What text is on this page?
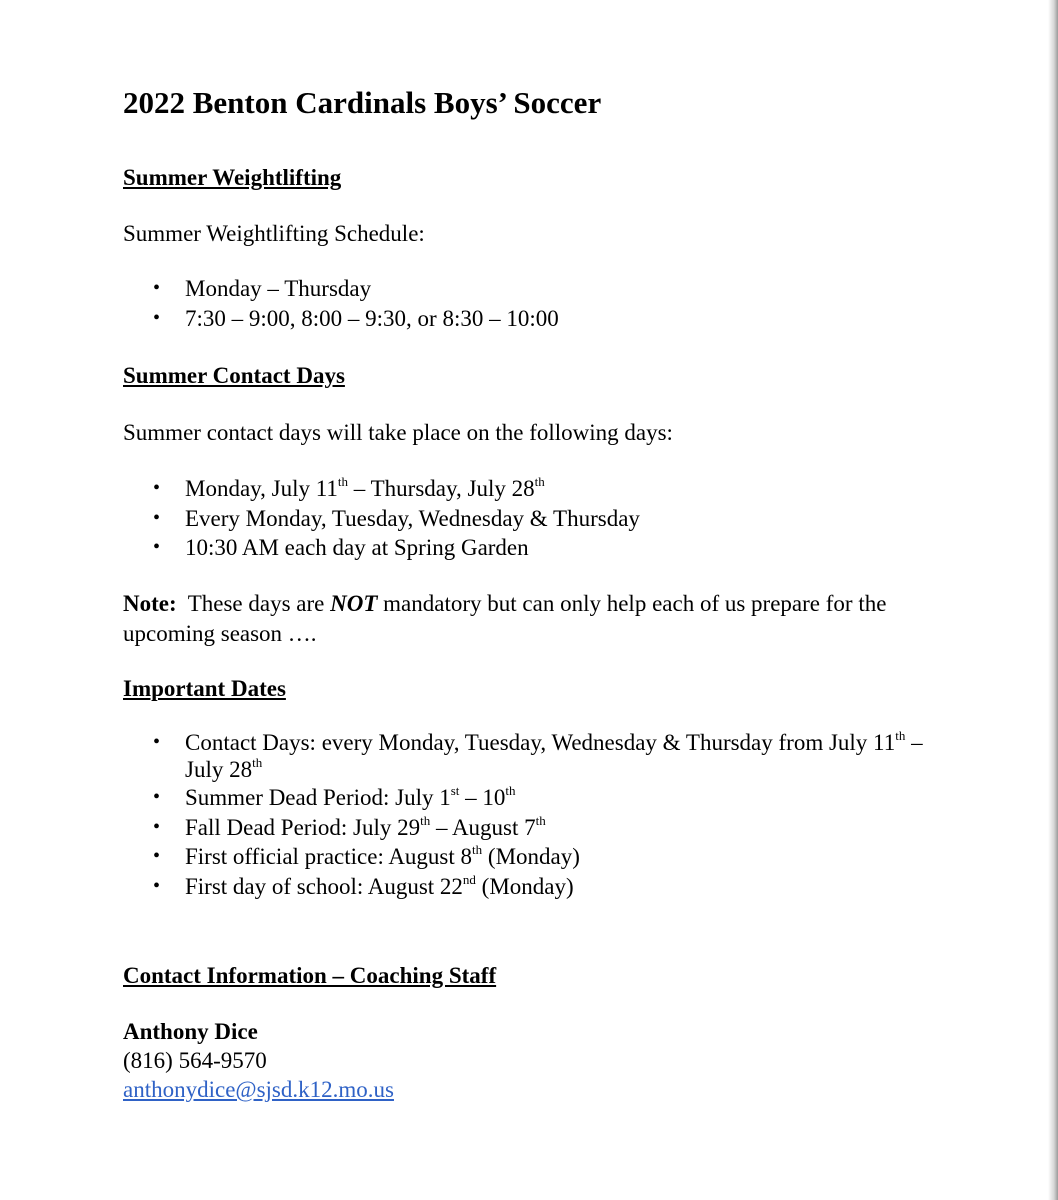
2022 Benton Cardinals Boys’ Soccer
Summer Weightlifting

Summer Weightlifting Schedule:

• Monday – Thursday
• 7:30 – 9:00, 8:00 – 9:30, or 8:30 – 10:00
Summer Contact Days

Summer contact days will take place on the following days:

• Monday, July 11th – Thursday, July 28th
• Every Monday, Tuesday, Wednesday & Thursday
• 10:30 AM each day at Spring Garden

Note:  These days are NOT mandatory but can only help each of us prepare for the upcoming season ….

Important Dates
• Contact Days: every Monday, Tuesday, Wednesday & Thursday from July 11th – July 28th
• Summer Dead Period: July 1st – 10th
• Fall Dead Period: July 29th – August 7th
• First official practice: August 8th (Monday)
• First day of school: August 22nd (Monday)
Contact Information – Coaching Staff

Anthony Dice
(816) 564-9570
anthonydice@sjsd.k12.mo.us
